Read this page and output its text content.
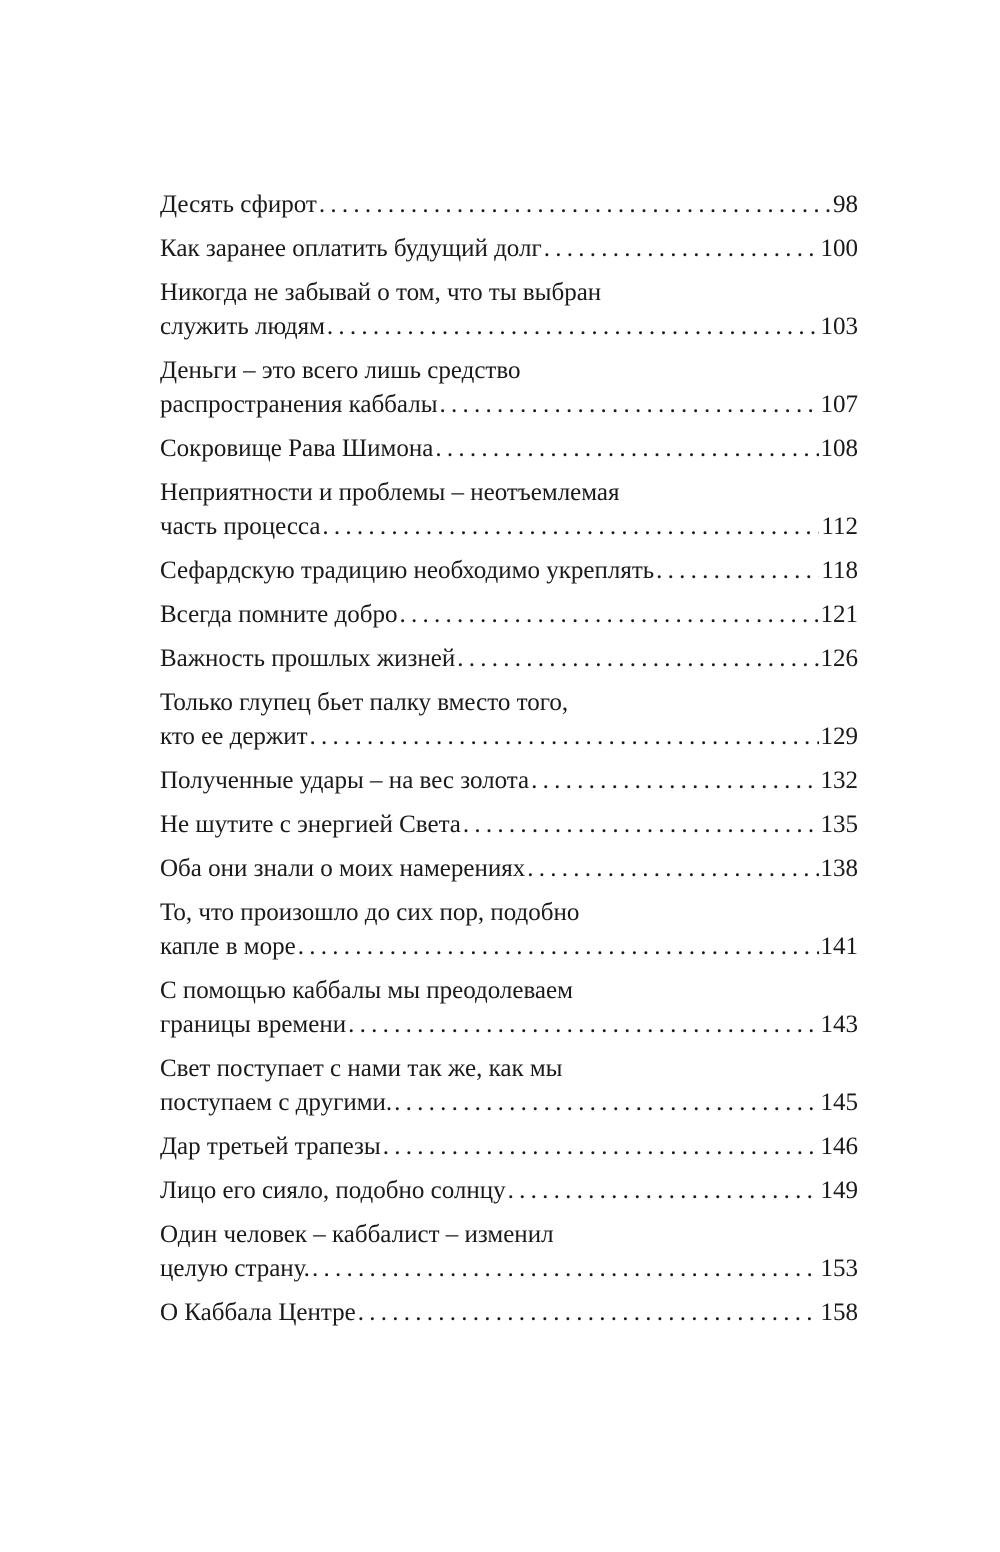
Десять сфирот . . .	98
Как заранее оплатить будущий долг . . .	100
Никогда не забывай о том, что ты выбран
служить людям . . .	103
Деньги – это всего лишь средство
распространения каббалы . . .	107
Сокровище Рава Шимона . . .	108
Неприятности и проблемы – неотъемлемая
часть процесса . . .	112
Сефардскую традицию необходимо укреплять . . .	118
Всегда помните добро . . .	121
Важность прошлых жизней . . .	126
Только глупец бьет палку вместо того,
кто ее держит . . .	129
Полученные удары – на вес золота . . .	132
Не шутите с энергией Света . . .	135
Оба они знали о моих намерениях . . .	138
То, что произошло до сих пор, подобно
капле в море . . .	141
С помощью каббалы мы преодолеваем
границы времени . . .	143
Свет поступает с нами так же, как мы
поступаем с другими. . . .	145
Дар третьей трапезы . . .	146
Лицо его сияло, подобно солнцу . . .	149
Один человек – каббалист – изменил
целую страну. . . .	153
О Каббала Центре . . .	158
